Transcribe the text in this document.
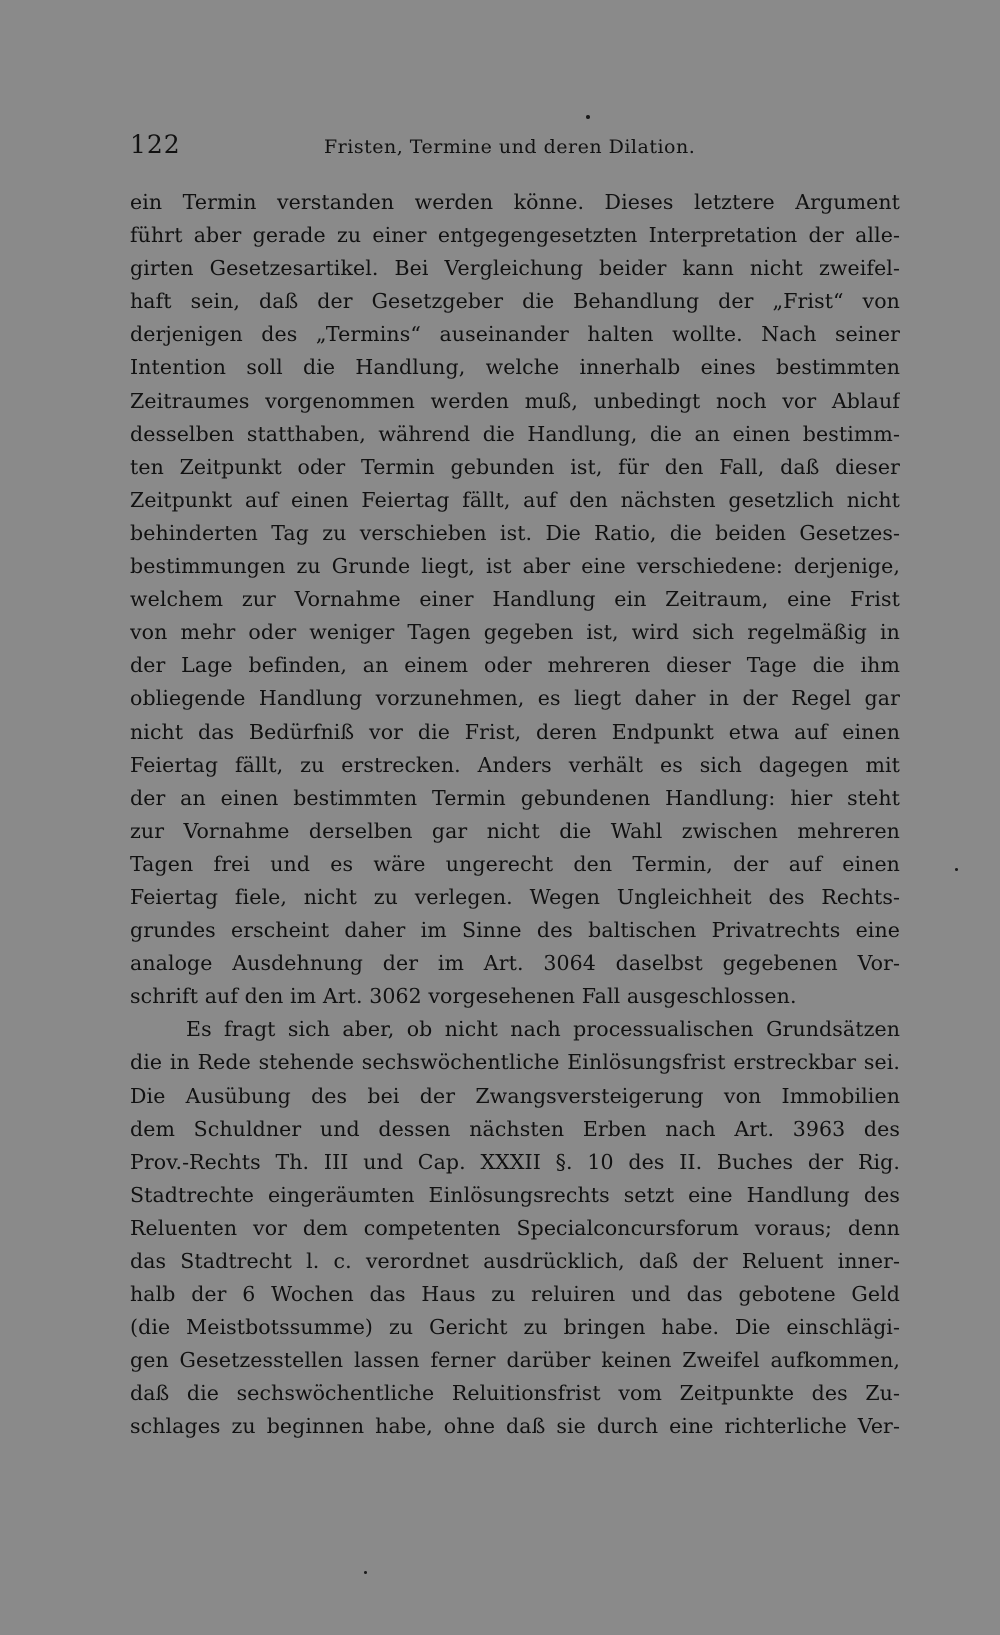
122	Fristen, Termine und deren Dilation.
ein Termin verstanden werden könne. Dieses letztere Argument
führt aber gerade zu einer entgegengesetzten Interpretation der alle-
girten Gesetzesartikel. Bei Vergleichung beider kann nicht zweifel-
haft sein, daß der Gesetzgeber die Behandlung der „Frist“ von
derjenigen des „Termins“ auseinander halten wollte. Nach seiner
Intention soll die Handlung, welche innerhalb eines bestimmten
Zeitraumes vorgenommen werden muß, unbedingt noch vor Ablauf
desselben statthaben, während die Handlung, die an einen bestimm-
ten Zeitpunkt oder Termin gebunden ist, für den Fall, daß dieser
Zeitpunkt auf einen Feiertag fällt, auf den nächsten gesetzlich nicht
behinderten Tag zu verschieben ist. Die Ratio, die beiden Gesetzes-
bestimmungen zu Grunde liegt, ist aber eine verschiedene: derjenige,
welchem zur Vornahme einer Handlung ein Zeitraum, eine Frist
von mehr oder weniger Tagen gegeben ist, wird sich regelmäßig in
der Lage befinden, an einem oder mehreren dieser Tage die ihm
obliegende Handlung vorzunehmen, es liegt daher in der Regel gar
nicht das Bedürfniß vor die Frist, deren Endpunkt etwa auf einen
Feiertag fällt, zu erstrecken. Anders verhält es sich dagegen mit
der an einen bestimmten Termin gebundenen Handlung: hier steht
zur Vornahme derselben gar nicht die Wahl zwischen mehreren
Tagen frei und es wäre ungerecht den Termin, der auf einen
Feiertag fiele, nicht zu verlegen. Wegen Ungleichheit des Rechts-
grundes erscheint daher im Sinne des baltischen Privatrechts eine
analoge Ausdehnung der im Art. 3064 daselbst gegebenen Vor-
schrift auf den im Art. 3062 vorgesehenen Fall ausgeschlossen.
Es fragt sich aber, ob nicht nach processualischen Grundsätzen
die in Rede stehende sechswöchentliche Einlösungsfrist erstreckbar sei.
Die Ausübung des bei der Zwangsversteigerung von Immobilien
dem Schuldner und dessen nächsten Erben nach Art. 3963 des
Prov.-Rechts Th. III und Cap. XXXII §. 10 des II. Buches der Rig.
Stadtrechte eingeräumten Einlösungsrechts setzt eine Handlung des
Reluenten vor dem competenten Specialconcursforum voraus; denn
das Stadtrecht l. c. verordnet ausdrücklich, daß der Reluent inner-
halb der 6 Wochen das Haus zu reluiren und das gebotene Geld
(die Meistbotssumme) zu Gericht zu bringen habe. Die einschlägi-
gen Gesetzesstellen lassen ferner darüber keinen Zweifel aufkommen,
daß die sechswöchentliche Reluitionsfrist vom Zeitpunkte des Zu-
schlages zu beginnen habe, ohne daß sie durch eine richterliche Ver-
